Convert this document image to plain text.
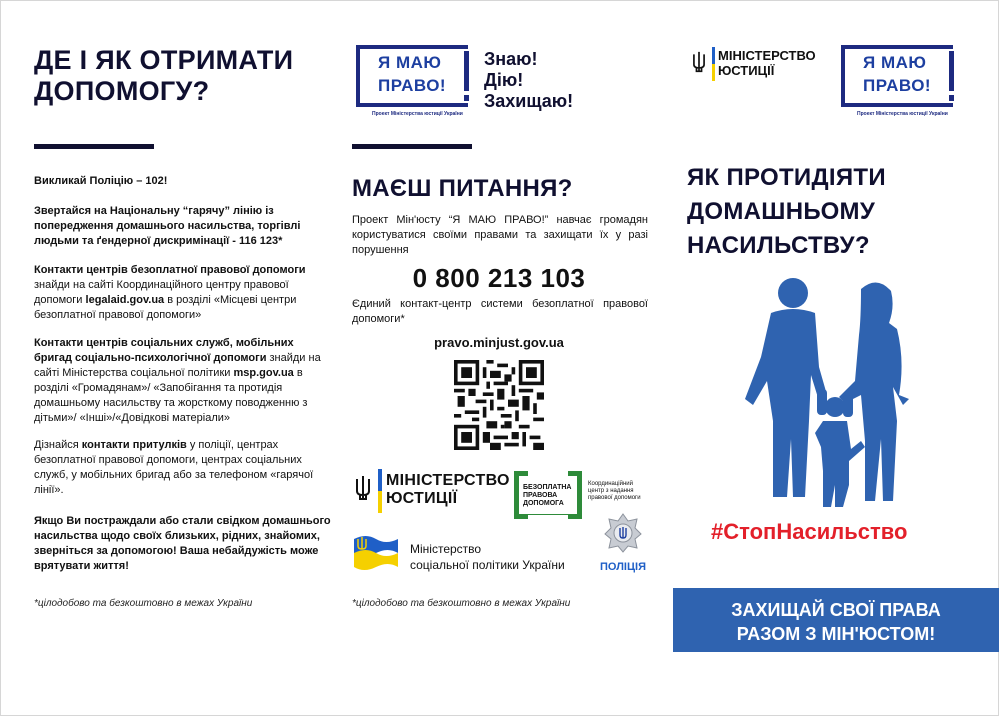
ДЕ І ЯК ОТРИМАТИ ДОПОМОГУ?
Викликай Поліцію – 102!
Звертайся на Національну “гарячу” лінію із попередження домашнього насильства, торгівлі людьми та ґендерної дискримінації - 116 123*
Контакти центрів безоплатної правової допомоги знайди на сайті Координаційного центру правової допомоги legalaid.gov.ua в розділі «Місцеві центри безоплатної правової допомоги»
Контакти центрів соціальних служб, мобільних бригад соціально-психологічної допомоги знайди на сайті Міністерства соціальної політики msp.gov.ua в розділі «Громадянам»/ «Запобігання та протидія домашньому насильству та жорсткому поводженню з дітьми»/ «Інші»/«Довідкові матеріали»
Дізнайся контакти притулків у поліції, центрах безоплатної правової допомоги, центрах соціальних служб, у мобільних бригад або за телефоном «гарячої лінії».
Якщо Ви постраждали або стали свідком домашнього насильства щодо своїх близьких, рідних, знайомих, зверніться за допомогою! Ваша небайдужість може врятувати життя!
*цілодобово та безкоштовно в межах України
Я МАЮ
ПРАВО!
Проект Міністерства юстиції України
Знаю!
Дію!
Захищаю!
МАЄШ ПИТАННЯ?
Проект Мін'юсту “Я МАЮ ПРАВО!” навчає громадян користуватися своїми правами та захищати їх у разі порушення
0 800 213 103
Єдиний контакт-центр системи безоплатної правової допомоги*
pravo.minjust.gov.ua
МІНІСТЕРСТВО
ЮСТИЦІЇ
БЕЗОПЛАТНА
ПРАВОВА
ДОПОМОГА
Координаційний
центр з надання
правової допомоги
Міністерство
соціальної політики України	ПОЛІЦІЯ
*цілодобово та безкоштовно в межах України
МІНІСТЕРСТВО
ЮСТИЦІЇ	Я МАЮ
ПРАВО!
Проект Міністерства юстиції України
ЯК ПРОТИДІЯТИ ДОМАШНЬОМУ НАСИЛЬСТВУ?
#СтопНасильство
ЗАХИЩАЙ СВОЇ ПРАВА
РАЗОМ З МІН'ЮСТОМ!
